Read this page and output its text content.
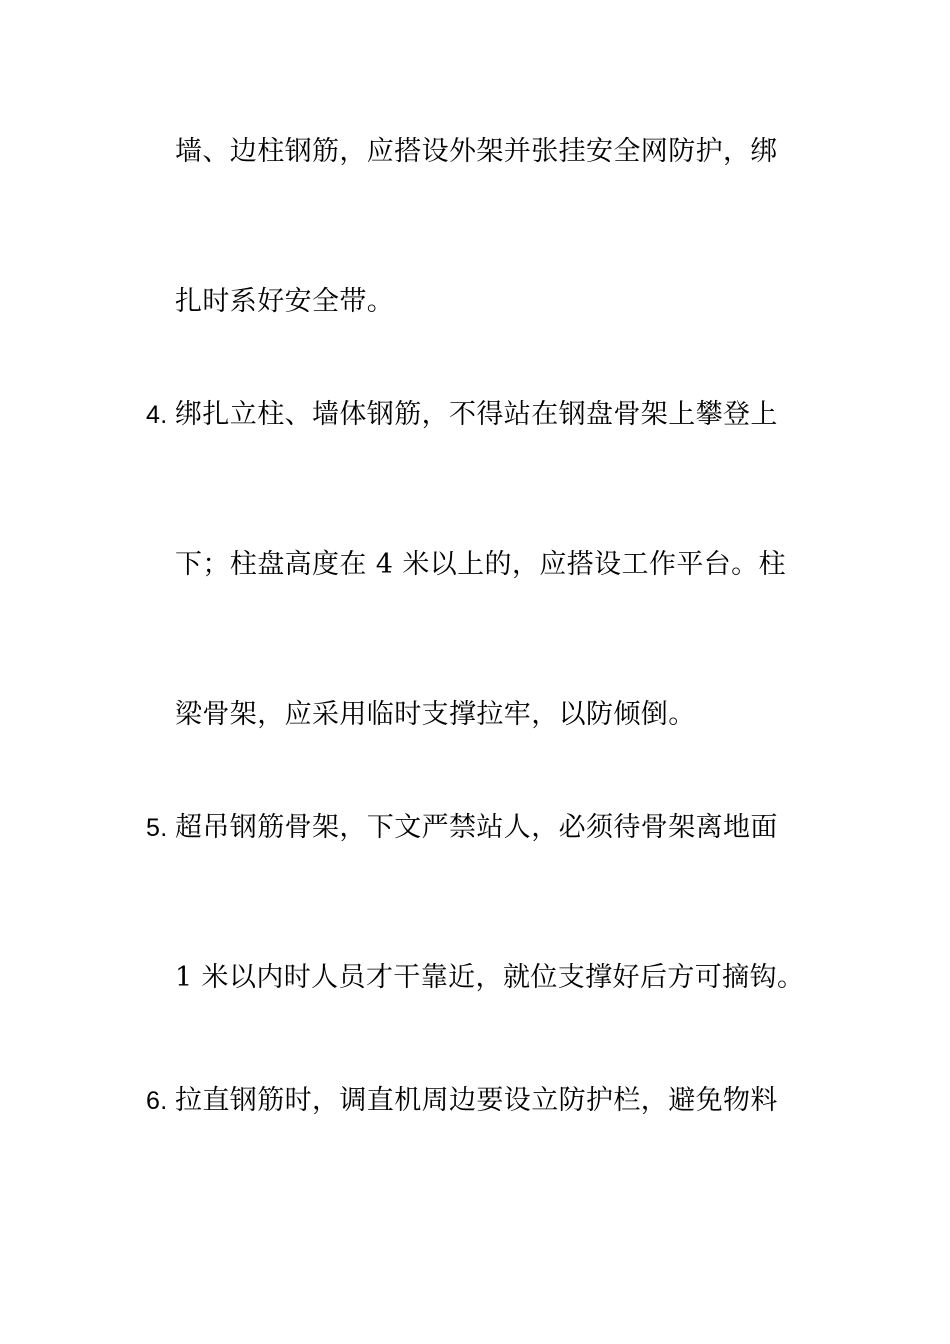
墙、边柱钢筋，应搭设外架并张挂安全网防护，绑
扎时系好安全带。
4. 绑扎立柱、墙体钢筋，不得站在钢盘骨架上攀登上
下；柱盘高度在 4 米以上的，应搭设工作平台。柱
梁骨架，应采用临时支撑拉牢，以防倾倒。
5. 超吊钢筋骨架，下文严禁站人，必须待骨架离地面
1 米以内时人员才干靠近，就位支撑好后方可摘钩。
6. 拉直钢筋时，调直机周边要设立防护栏，避免物料
